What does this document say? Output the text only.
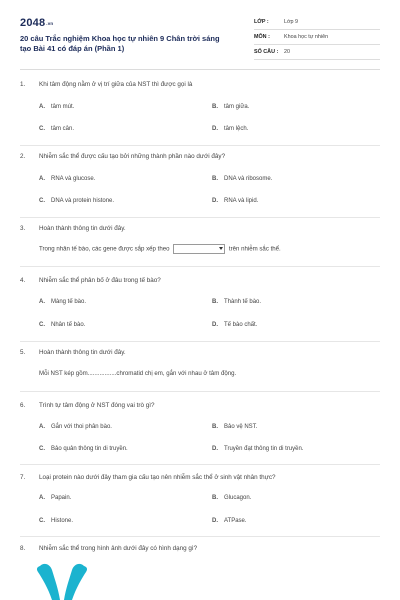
2048.vn
20 câu Trắc nghiệm Khoa học tự nhiên 9 Chân trời sáng tạo Bài 41 có đáp án (Phần 1)
LỚP :	Lớp 9
MÔN :	Khoa học tự nhiên
SỐ CÂU : 20
1. Khi tâm động nằm ở vị trí giữa của NST thì được gọi là
A. tâm mút.	B. tâm giữa.
C. tâm cân.	D. tâm lệch.
2. Nhiễm sắc thể được cấu tạo bởi những thành phần nào dưới đây?
A. RNA và glucose.	B. DNA và ribosome.
C. DNA và protein histone.	D. RNA và lipid.
3. Hoàn thành thông tin dưới đây.
Trong nhân tế bào, các gene được sắp xếp theo	trên nhiễm sắc thể.
4. Nhiễm sắc thể phân bố ở đâu trong tế bào?
A. Màng tế bào.	B. Thành tế bào.
C. Nhân tế bào.	D. Tế bào chất.
5. Hoàn thành thông tin dưới đây.
Mỗi NST kép gồm.................chromatid chị em, gắn với nhau ở tâm động.
6. Trình tự tâm động ở NST đóng vai trò gì?
A. Gắn với thoi phân bào.	B. Bảo vệ NST.
C. Bảo quản thông tin di truyền.	D. Truyền đạt thông tin di truyền.
7. Loại protein nào dưới đây tham gia cấu tạo nên nhiễm sắc thể ở sinh vật nhân thực?
A. Papain.	B. Glucagon.
C. Histone.	D. ATPase.
8. Nhiễm sắc thể trong hình ảnh dưới đây có hình dạng gì?
